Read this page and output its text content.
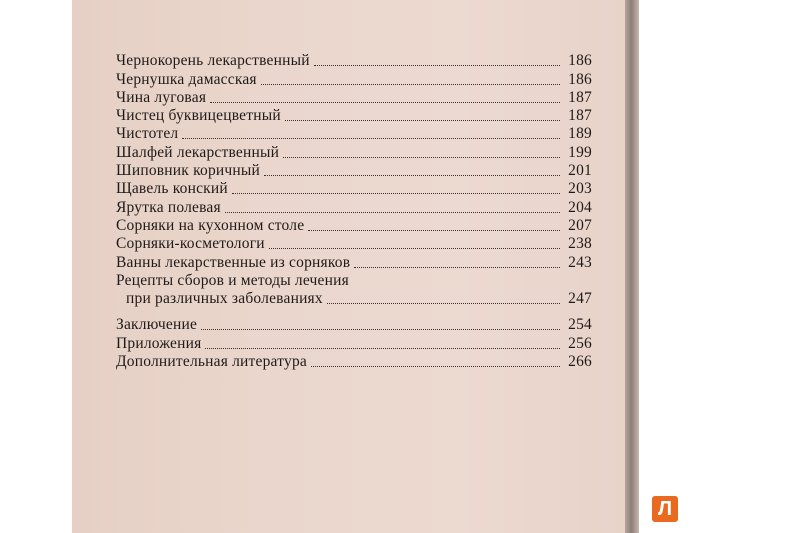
Чернокорень лекарственный	186
Чернушка дамасская	186
Чина луговая	187
Чистец буквицецветный	187
Чистотел	189
Шалфей лекарственный	199
Шиповник коричный	201
Щавель конский	203
Ярутка полевая	204
Сорняки на кухонном столе	207
Сорняки-косметологи	238
Ванны лекарственные из сорняков	243
Рецепты сборов и методы лечения
при различных заболеваниях	247
Заключение	254
Приложения	256
Дополнительная литература	266
Л
